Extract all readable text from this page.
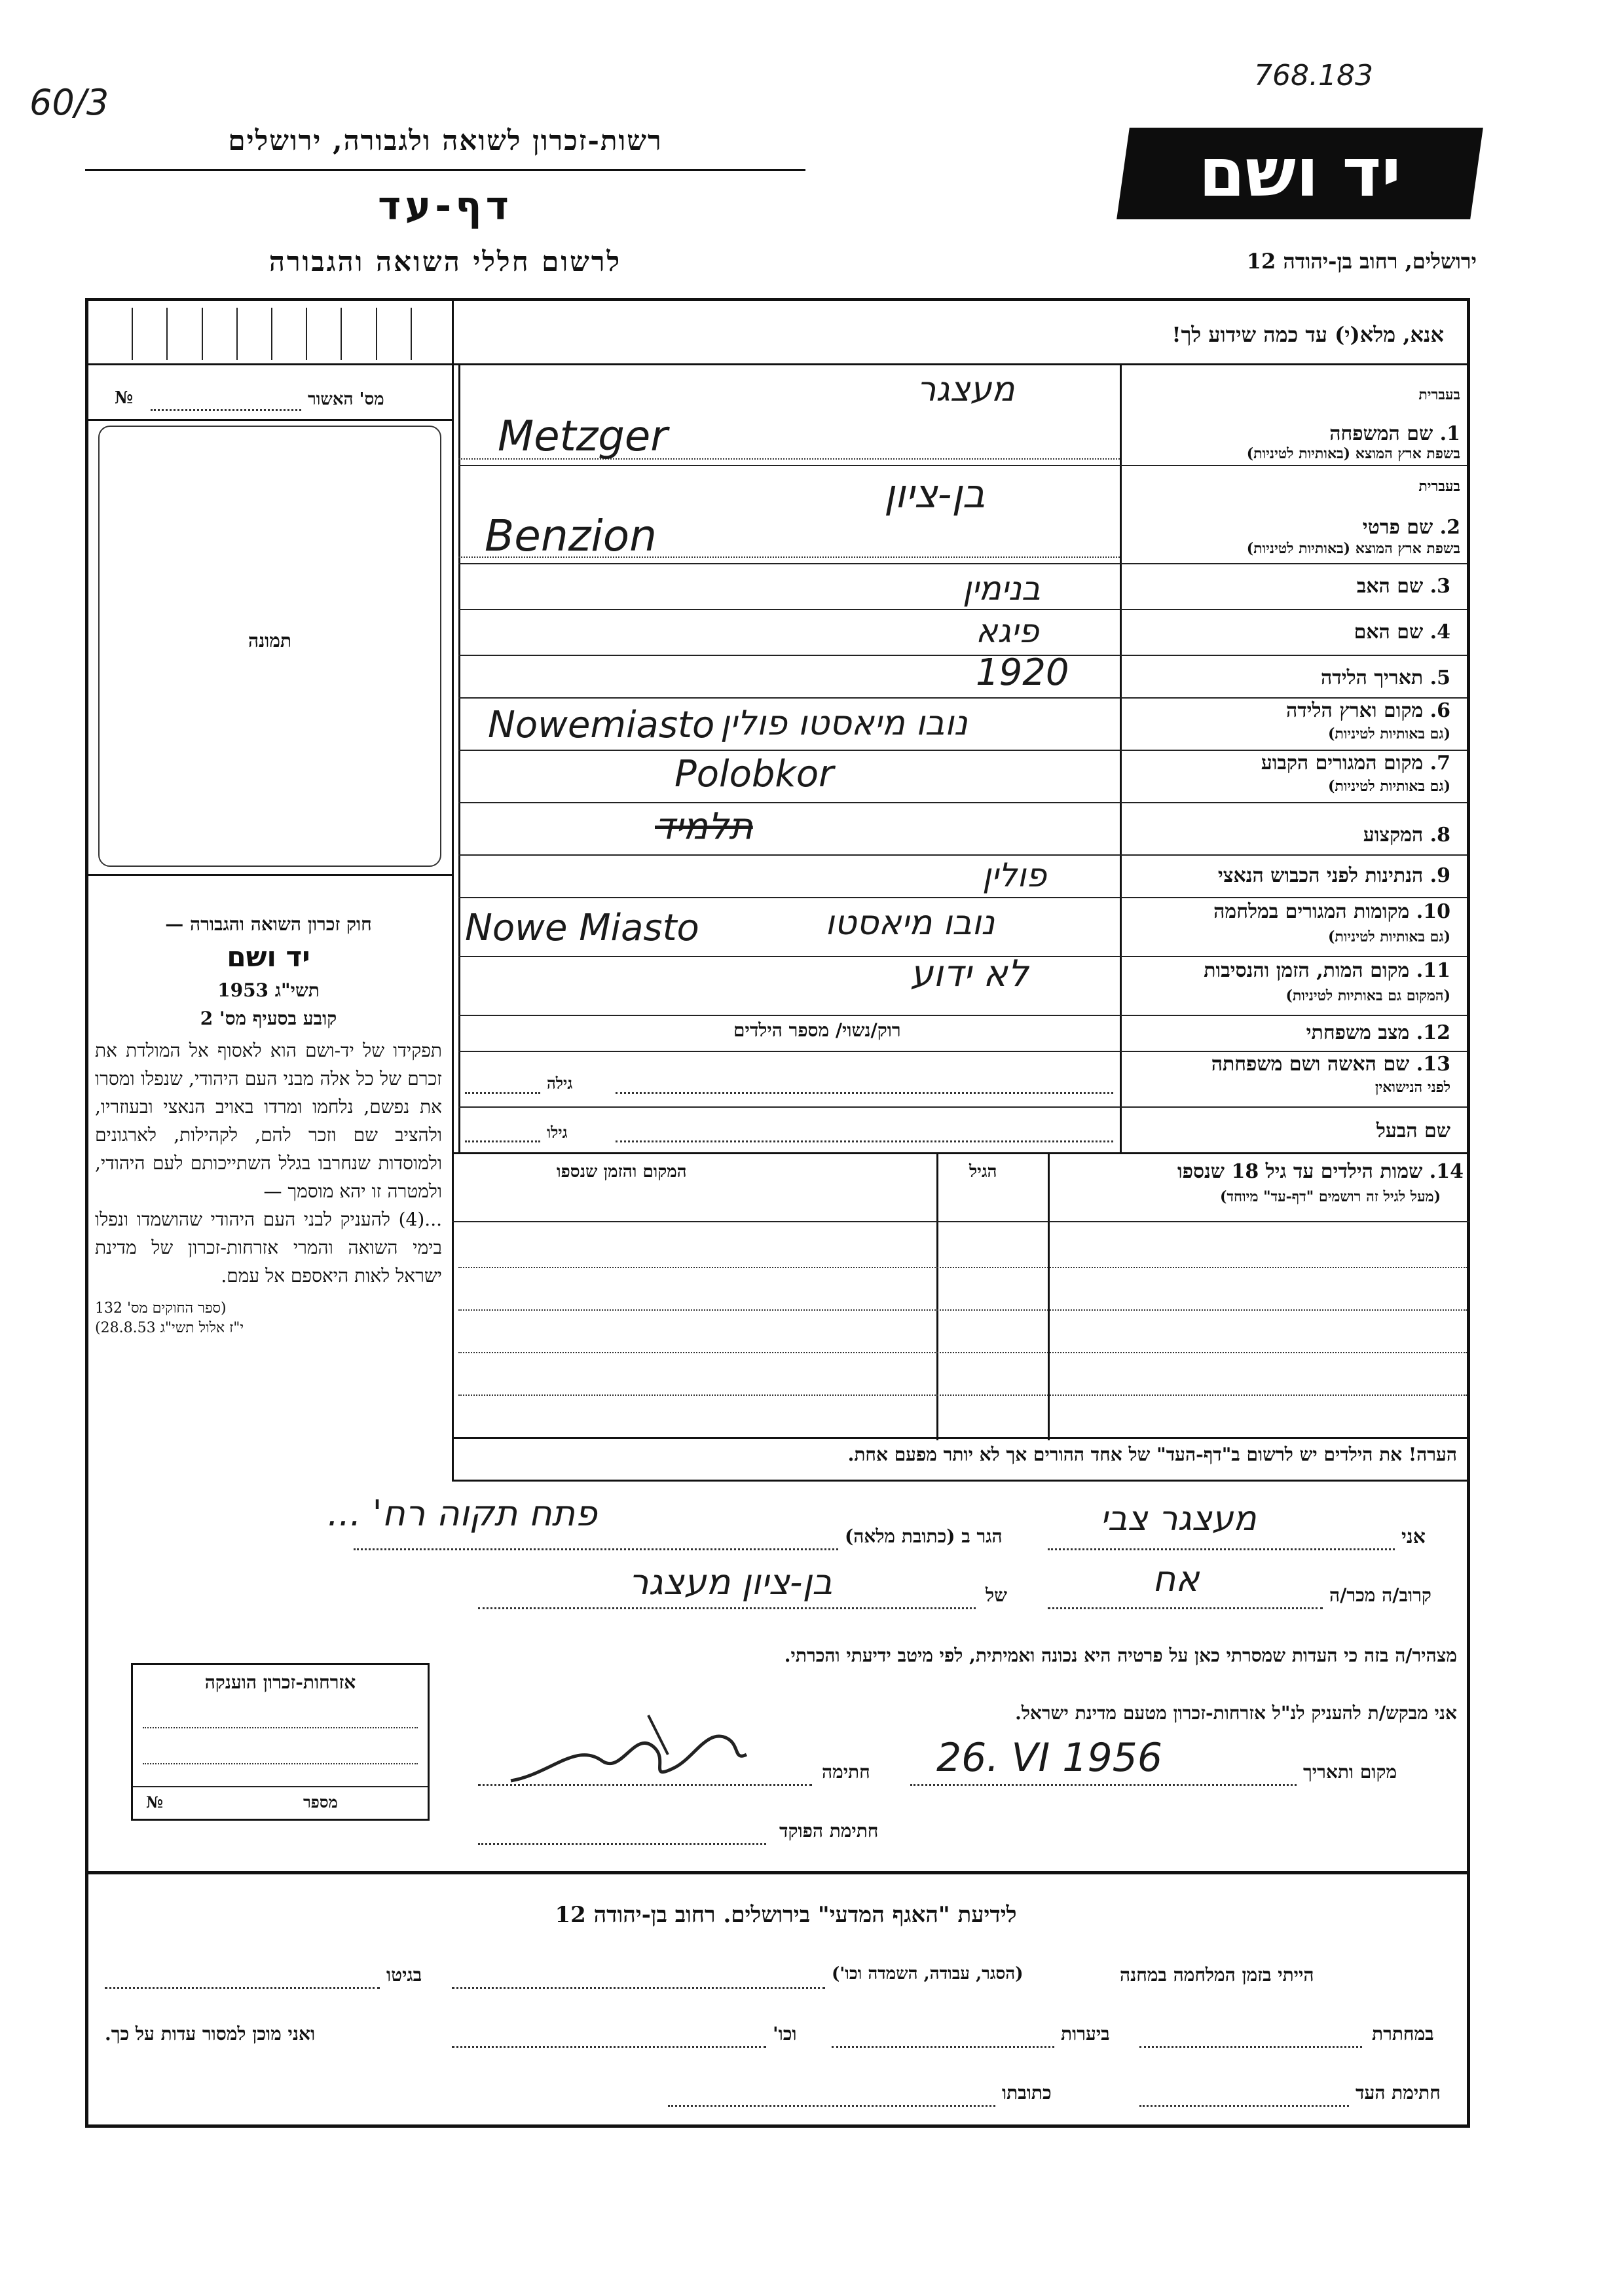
60/3
768.183
יד ושם
רשות-זכרון לשואה ולגבורה, ירושלים
דף-עד
לרשום חללי השואה והגבורה	ירושלים, רחוב בן-יהודה 12
אנא, מלא(י) עד כמה שידוע לך!
מס' האשור
№
תמונה
חוק זכרון השואה והגבורה —
יד ושם
תשי"ג 1953
קובע בסעיף מס' 2
תפקידו של יד-ושם הוא לאסוף אל המולדת את זכרם של כל אלה מבני העם היהודי, שנפלו ומסרו את נפשם, נלחמו ומרדו באויב הנאצי ובעוזריו, ולהציב שם וזכר להם, לקהילות, לארגונים ולמוסדות שנחרבו בגלל השתייכותם לעם היהודי, ולמטרה זו יהא מוסמך —
...(4) להעניק לבני העם היהודי שהושמדו ונפלו בימי השואה והמרי אזרחות-זכרון של מדינת ישראל לאות היאספם אל עמם.
(ספר החוקים מס' 132
י"ז אלול תשי"ג 28.8.53)
בעברית
1. שם המשפחה
בשפת ארץ המוצא (באותיות לטיניות)
בעברית
2. שם פרטי
בשפת ארץ המוצא (באותיות לטיניות)
3. שם האב
4. שם האם
5. תאריך הלידה
6. מקום וארץ הלידה
(גם באותיות לטיניות)
7. מקום המגורים הקבוע
(גם באותיות לטיניות)
8. המקצוע
9. הנתינות לפני הכבוש הנאצי
10. מקומות המגורים במלחמה
(גם באותיות לטיניות)
11. מקום המות, הזמן והנסיבות
(המקום גם באותיות לטיניות)
12. מצב משפחתי
13. שם האשה ושם משפחתה
לפני הנישואין
שם הבעל
מעצגר
Metzger
בן-ציון
Benzion
בנימין
פיגא
1920
נובו מיאסטו פולין
Nowemiasto
Polobkor
תלמיד
פולין
נובו מיאסטו
Nowe Miasto
לא ידוע
רוק/נשוי/ מספר הילדים
גילה
גילו
14. שמות הילדים עד גיל 18 שנספו
(מעל לגיל זה רושמים "דף-עד" מיוחד)
הגיל
המקום והזמן שנספו
הערה! את הילדים יש לרשום ב"דף-העד" של אחד ההורים אך לא יותר מפעם אחת.
אני
מעצגר צבי
הגר ב (כתובת מלאה)
פתח תקוה רח' ...
קרוב/ה מכר/ה
אח
של
בן-ציון מעצגר
מצהיר/ה בזה כי העדות שמסרתי כאן על פרטיה היא נכונה ואמיתית, לפי מיטב ידיעתי והכרתי.
אני מבקש/ת להעניק לנ"ל אזרחות-זכרון מטעם מדינת ישראל.
מקום ותאריך
26. VI 1956
חתימה
חתימת הפוקד
אזרחות-זכרון הוענקה
מספר
№
לידיעת "האגף המדעי" בירושלים. רחוב בן-יהודה 12
הייתי בזמן המלחמה במחנה
(הסגר, עבודה, השמדה וכו')
בגיטו
במחתרת
ביערות
וכו'
ואני מוכן למסור עדות על כך.
חתימת העד
כתובתו
